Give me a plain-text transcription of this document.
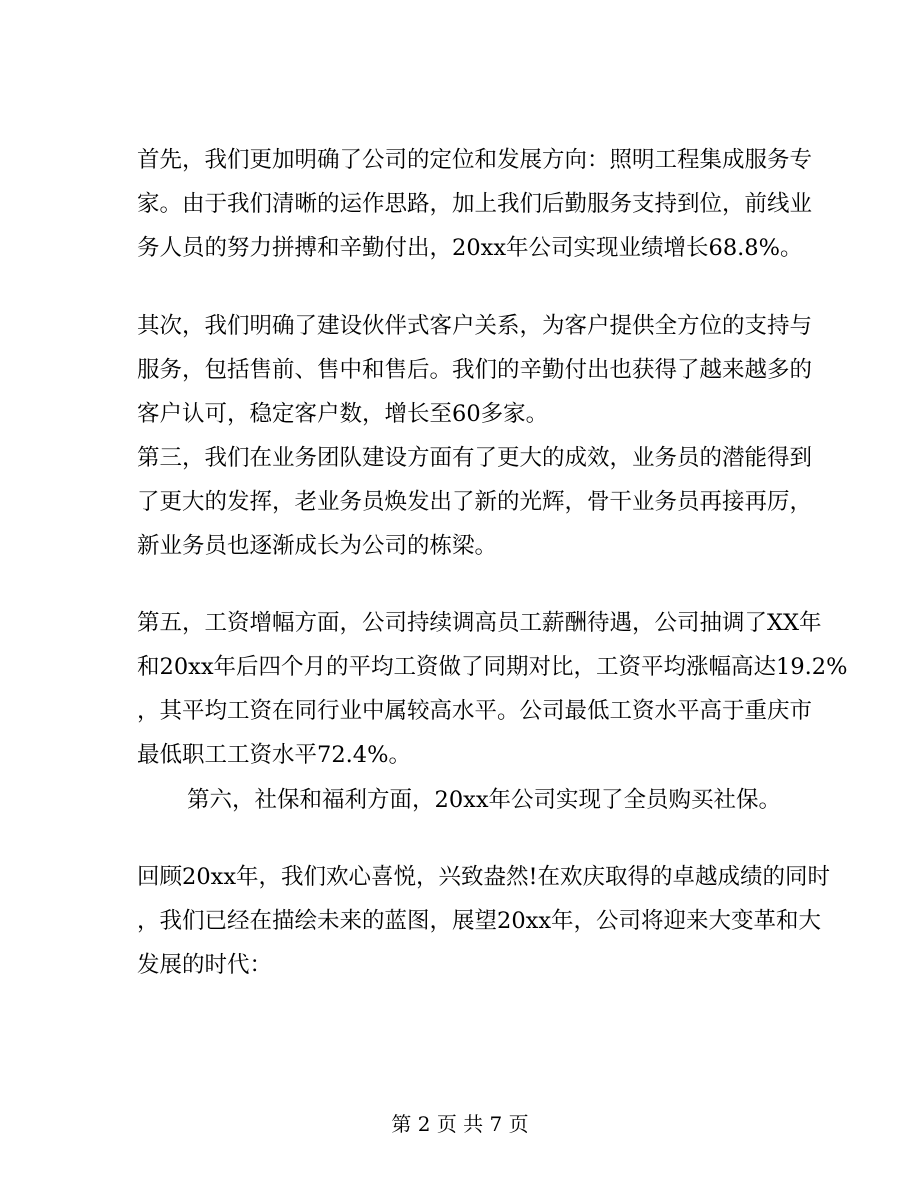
首先，我们更加明确了公司的定位和发展方向：照明工程集成服务专
家。由于我们清晰的运作思路，加上我们后勤服务支持到位，前线业
务人员的努力拼搏和辛勤付出，20xx年公司实现业绩增长68.8%。
其次，我们明确了建设伙伴式客户关系，为客户提供全方位的支持与
服务，包括售前、售中和售后。我们的辛勤付出也获得了越来越多的
客户认可，稳定客户数，增长至60多家。
第三，我们在业务团队建设方面有了更大的成效，业务员的潜能得到
了更大的发挥，老业务员焕发出了新的光辉，骨干业务员再接再厉，
新业务员也逐渐成长为公司的栋梁。
第五，工资增幅方面，公司持续调高员工薪酬待遇，公司抽调了XX年
和20xx年后四个月的平均工资做了同期对比，工资平均涨幅高达19.2%
，其平均工资在同行业中属较高水平。公司最低工资水平高于重庆市
最低职工工资水平72.4%。
第六，社保和福利方面，20xx年公司实现了全员购买社保。
回顾20xx年，我们欢心喜悦，兴致盎然!在欢庆取得的卓越成绩的同时
，我们已经在描绘未来的蓝图，展望20xx年，公司将迎来大变革和大
发展的时代：
第 2 页 共 7 页
